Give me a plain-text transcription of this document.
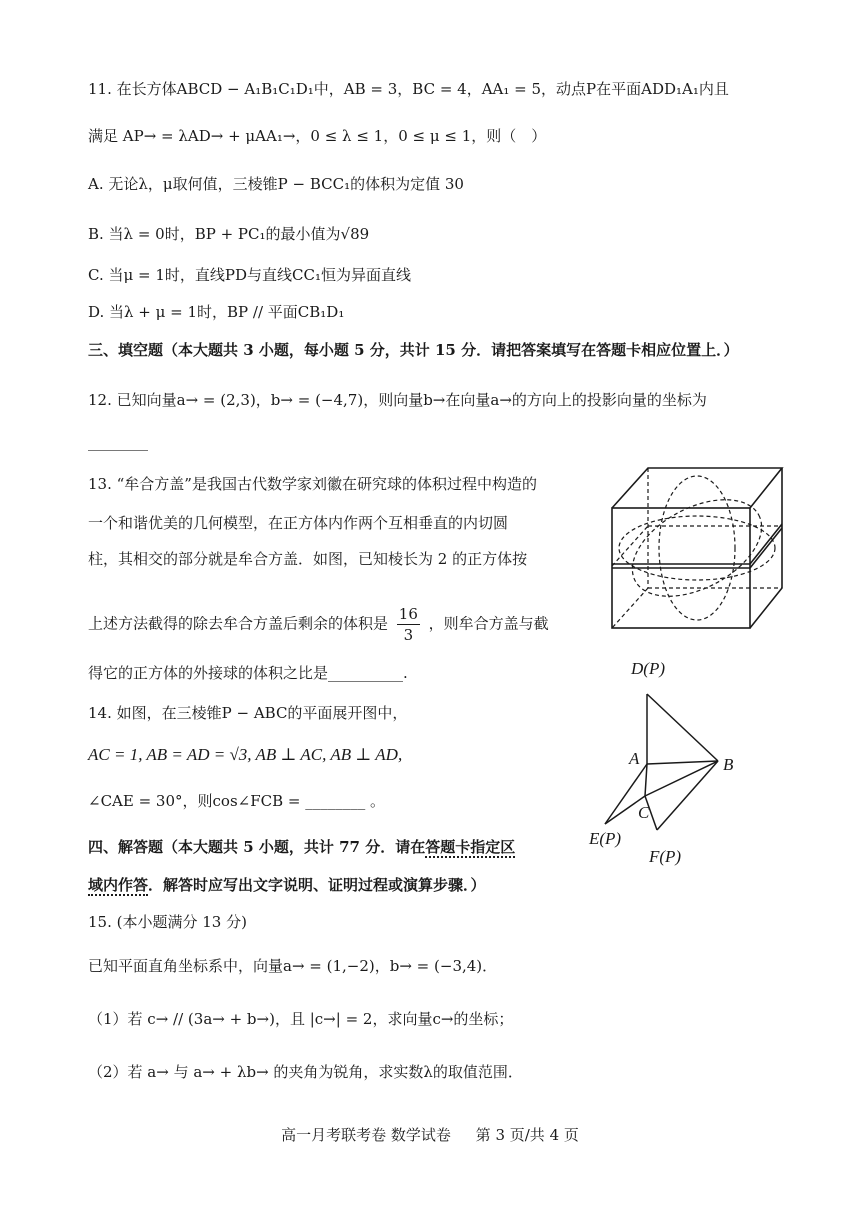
11. 在长方体ABCD − A₁B₁C₁D₁中，AB = 3，BC = 4，AA₁ = 5，动点P在平面ADD₁A₁内且
满足 AP→ = λAD→ + μAA₁→，0 ≤ λ ≤ 1，0 ≤ μ ≤ 1，则（　）
A. 无论λ，μ取何值，三棱锥P − BCC₁的体积为定值 30
B. 当λ = 0时，BP + PC₁的最小值为√89
C. 当μ = 1时，直线PD与直线CC₁恒为异面直线
D. 当λ + μ = 1时，BP // 平面CB₁D₁
三、填空题（本大题共 3 小题，每小题 5 分，共计 15 分．请把答案填写在答题卡相应位置上．）
12. 已知向量a→ = (2,3)，b→ = (−4,7)，则向量b→在向量a→的方向上的投影向量的坐标为
________
13. “牟合方盖”是我国古代数学家刘徽在研究球的体积过程中构造的
一个和谐优美的几何模型，在正方体内作两个互相垂直的内切圆
柱，其相交的部分就是牟合方盖．如图，已知棱长为 2 的正方体按
上述方法截得的除去牟合方盖后剩余的体积是 $\frac{16}{3}$ ，则牟合方盖与截
得它的正方体的外接球的体积之比是__________.
14. 如图，在三棱锥P − ABC的平面展开图中，
AC = 1, AB = AD = √3, AB ⊥ AC, AB ⊥ AD,
∠CAE = 30°，则cos∠FCB = ________ 。
D(P)
A	B
C
E(P)
F(P)
四、解答题（本大题共 5 小题，共计 77 分．请在答题卡指定区
域内作答．解答时应写出文字说明、证明过程或演算步骤．）
15. (本小题满分 13 分)
已知平面直角坐标系中，向量a→ = (1,−2)，b→ = (−3,4)．
（1）若 c→ // (3a→ + b→)，且 |c→| = 2，求向量c→的坐标；
（2）若 a→ 与 a→ + λb→ 的夹角为锐角，求实数λ的取值范围．
高一月考联考卷 数学试卷 第 3 页/共 4 页
